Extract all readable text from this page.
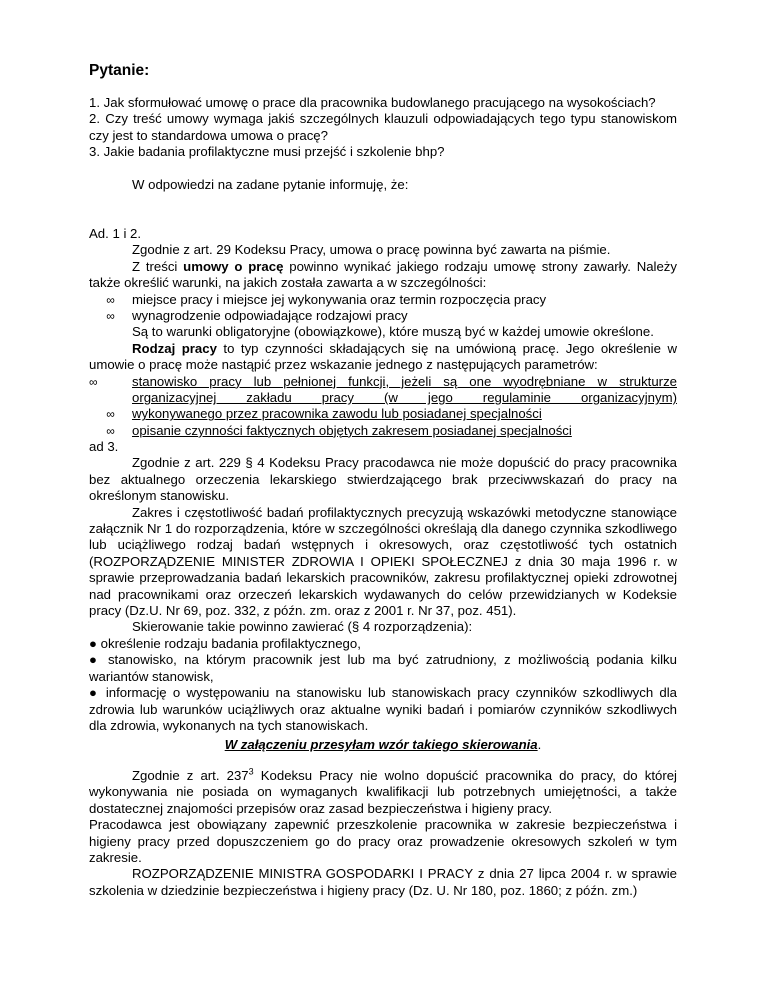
Pytanie:

1. Jak sformułować umowę o prace dla pracownika budowlanego pracującego na wysokościach?

2. Czy treść umowy wymaga jakiś szczególnych klauzuli odpowiadających tego typu stanowiskom czy jest to standardowa umowa o pracę?

3. Jakie badania profilaktyczne musi przejść i szkolenie bhp?

W odpowiedzi na zadane pytanie informuję, że:

Ad. 1 i 2.

Zgodnie z art. 29 Kodeksu Pracy, umowa o pracę powinna być zawarta na piśmie.

Z treści umowy o pracę powinno wynikać jakiego rodzaju umowę strony zawarły. Należy także określić warunki, na jakich została zawarta a w szczególności:

∞	miejsce pracy i miejsce jej wykonywania oraz termin rozpoczęcia pracy
∞	wynagrodzenie odpowiadające rodzajowi pracy

Są to warunki obligatoryjne (obowiązkowe), które muszą być w każdej umowie określone.

Rodzaj pracy to typ czynności składających się na umówioną pracę. Jego określenie w umowie o pracę może nastąpić przez wskazanie jednego z następujących parametrów:

∞	stanowisko pracy lub pełnionej funkcji, jeżeli są one wyodrębniane w strukturze organizacyjnej zakładu pracy (w jego regulaminie organizacyjnym)
∞	wykonywanego przez pracownika zawodu lub posiadanej specjalności
∞	opisanie czynności faktycznych objętych zakresem posiadanej specjalności

ad 3.

Zgodnie z art. 229 § 4 Kodeksu Pracy pracodawca nie może dopuścić do pracy pracownika bez aktualnego orzeczenia lekarskiego stwierdzającego brak przeciwwskazań do pracy na określonym stanowisku.

Zakres i częstotliwość badań profilaktycznych precyzują wskazówki metodyczne stanowiące załącznik Nr 1 do rozporządzenia, które w szczególności określają dla danego czynnika szkodliwego lub uciążliwego rodzaj badań wstępnych i okresowych, oraz częstotliwość tych ostatnich (ROZPORZĄDZENIE MINISTER ZDROWIA I OPIEKI SPOŁECZNEJ z dnia 30 maja 1996 r. w sprawie przeprowadzania badań lekarskich pracowników, zakresu profilaktycznej opieki zdrowotnej nad pracownikami oraz orzeczeń lekarskich wydawanych do celów przewidzianych w Kodeksie pracy (Dz.U. Nr 69, poz. 332, z późn. zm. oraz z 2001 r. Nr 37, poz. 451).

Skierowanie takie powinno zawierać (§ 4 rozporządzenia):

● określenie rodzaju badania profilaktycznego,

● stanowisko, na którym pracownik jest lub ma być zatrudniony, z możliwością podania kilku wariantów stanowisk,

● informację o występowaniu na stanowisku lub stanowiskach pracy czynników szkodliwych dla zdrowia lub warunków uciążliwych oraz aktualne wyniki badań i pomiarów czynników szkodliwych dla zdrowia, wykonanych na tych stanowiskach.

W załączeniu przesyłam wzór takiego skierowania.

Zgodnie z art. $237^3$ Kodeksu Pracy nie wolno dopuścić pracownika do pracy, do której wykonywania nie posiada on wymaganych kwalifikacji lub potrzebnych umiejętności, a także dostatecznej znajomości przepisów oraz zasad bezpieczeństwa i higieny pracy.

Pracodawca jest obowiązany zapewnić przeszkolenie pracownika w zakresie bezpieczeństwa i higieny pracy przed dopuszczeniem go do pracy oraz prowadzenie okresowych szkoleń w tym zakresie.

ROZPORZĄDZENIE MINISTRA GOSPODARKI I PRACY z dnia 27 lipca 2004 r. w sprawie szkolenia w dziedzinie bezpieczeństwa i higieny pracy (Dz. U. Nr 180, poz. 1860; z późn. zm.)
